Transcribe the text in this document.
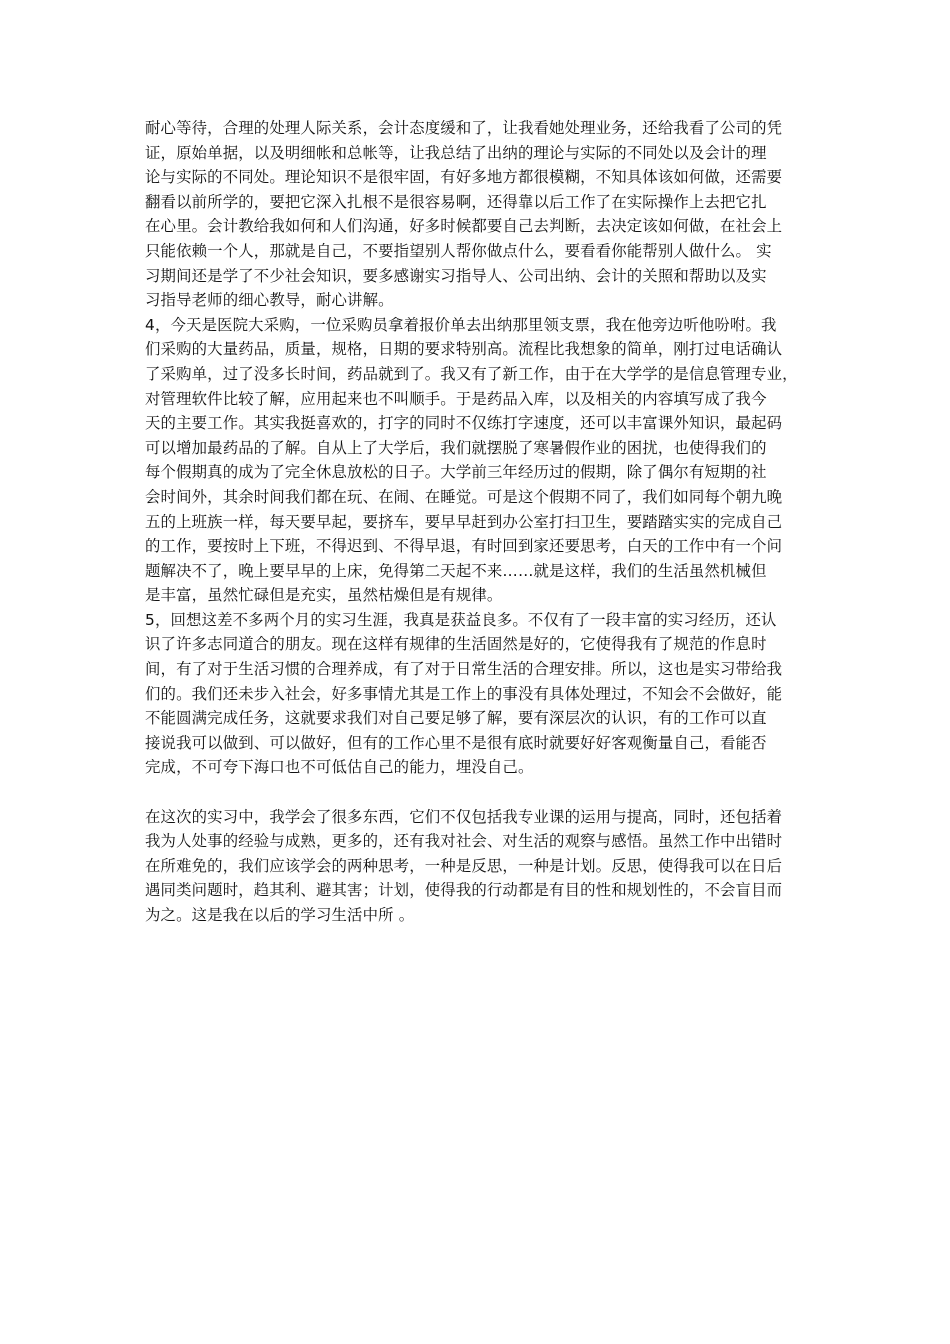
耐心等待，合理的处理人际关系，会计态度缓和了，让我看她处理业务，还给我看了公司的凭
证，原始单据，以及明细帐和总帐等，让我总结了出纳的理论与实际的不同处以及会计的理
论与实际的不同处。理论知识不是很牢固，有好多地方都很模糊，不知具体该如何做，还需要
翻看以前所学的，要把它深入扎根不是很容易啊，还得靠以后工作了在实际操作上去把它扎
在心里。会计教给我如何和人们沟通，好多时候都要自己去判断，去决定该如何做，在社会上
只能依赖一个人，那就是自己，不要指望别人帮你做点什么，要看看你能帮别人做什么。 实
习期间还是学了不少社会知识，要多感谢实习指导人、公司出纳、会计的关照和帮助以及实
习指导老师的细心教导，耐心讲解。
4，今天是医院大采购，一位采购员拿着报价单去出纳那里领支票，我在他旁边听他吩咐。我
们采购的大量药品，质量，规格，日期的要求特别高。流程比我想象的简单，刚打过电话确认
了采购单，过了没多长时间，药品就到了。我又有了新工作，由于在大学学的是信息管理专业，
对管理软件比较了解，应用起来也不叫顺手。于是药品入库，以及相关的内容填写成了我今
天的主要工作。其实我挺喜欢的，打字的同时不仅练打字速度，还可以丰富课外知识，最起码
可以增加最药品的了解。自从上了大学后，我们就摆脱了寒暑假作业的困扰，也使得我们的
每个假期真的成为了完全休息放松的日子。大学前三年经历过的假期，除了偶尔有短期的社
会时间外，其余时间我们都在玩、在闹、在睡觉。可是这个假期不同了，我们如同每个朝九晚
五的上班族一样，每天要早起，要挤车，要早早赶到办公室打扫卫生，要踏踏实实的完成自己
的工作，要按时上下班，不得迟到、不得早退，有时回到家还要思考，白天的工作中有一个问
题解决不了，晚上要早早的上床，免得第二天起不来……就是这样，我们的生活虽然机械但
是丰富，虽然忙碌但是充实，虽然枯燥但是有规律。
5，回想这差不多两个月的实习生涯，我真是获益良多。不仅有了一段丰富的实习经历，还认
识了许多志同道合的朋友。现在这样有规律的生活固然是好的，它使得我有了规范的作息时
间，有了对于生活习惯的合理养成，有了对于日常生活的合理安排。所以，这也是实习带给我
们的。我们还未步入社会，好多事情尤其是工作上的事没有具体处理过，不知会不会做好，能
不能圆满完成任务，这就要求我们对自己要足够了解，要有深层次的认识，有的工作可以直
接说我可以做到、可以做好，但有的工作心里不是很有底时就要好好客观衡量自己，看能否
完成，不可夸下海口也不可低估自己的能力，埋没自己。
在这次的实习中，我学会了很多东西，它们不仅包括我专业课的运用与提高，同时，还包括着
我为人处事的经验与成熟，更多的，还有我对社会、对生活的观察与感悟。虽然工作中出错时
在所难免的，我们应该学会的两种思考，一种是反思，一种是计划。反思，使得我可以在日后
遇同类问题时，趋其利、避其害；计划，使得我的行动都是有目的性和规划性的，不会盲目而
为之。这是我在以后的学习生活中所 。
